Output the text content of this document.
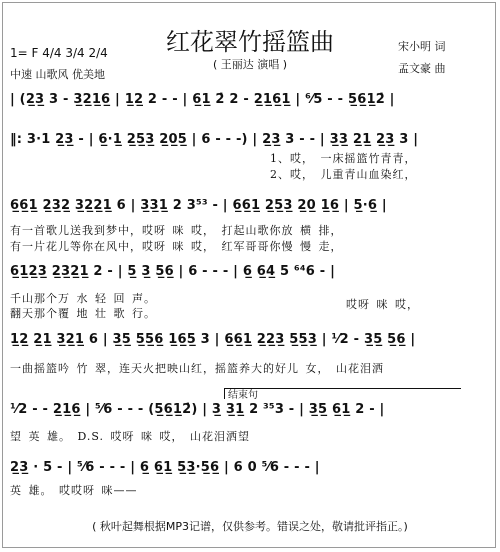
红花翠竹摇篮曲
( 王丽达 演唱 )
1= F 4/4 3/4 2/4
中速 山歌风 优美地
宋小明 词
孟文豪 曲
| (2̲3̲ 3 - 3̲2̲1̲6̲ | 1̲2̲ 2 - - | 6̲1̲ 2̇ 2 - 2̲1̲6̲1̲ | ⁶⁄5 - - 5̲6̲1̲2̇ |
‖: 3·1 2̲3̲ - | 6̲·1̲ 2̲5̲3̲ 2̲0̲5̲ | 6 - - -) | 2̲3̲ 3 - - | 3̲3̲ 2̲1̲ 2̲3̲ 3 |
1、哎， 一床摇篮竹青青，
2、哎， 儿重青山血染红，
6̲6̲1̲ 2̲3̲2̲ 3̲2̲2̲1̲ 6 | 3̲3̲1̲ 2 3⁵³ - | 6̲6̲1̲ 2̲5̲3̲ 2̲0̲ 1̲6̲ | 5̲·6̲ |
有一首歌儿送我到梦中，哎呀 咪 哎， 打起山歌你放 横 排，
有一片花儿等你在风中，哎呀 咪 哎， 红军哥哥你慢 慢 走，
6̲1̲2̲3̲ 2̲3̲2̲1̲ 2 - | 5̲ 3̲ 5̲6̲ | 6 - - - | 6̲ 6̲4̲ 5 ⁶⁴6 - |
千山那个万 水 轻 回 声。
翻天那个覆 地 壮 歌 行。
哎呀 咪 哎，
1̲2̲ 2̲1̲ 3̲2̲1̲ 6 | 3̲5̲ 5̲5̲6̲ 1̲6̲5̲ 3 | 6̲6̲1̲ 2̲2̲3̲ 5̲5̲3̲ | ¹⁄2 - 3̲5̲ 5̲6̲ |
一曲摇篮吟 竹 翠，连天火把映山红，摇篮养大的好儿 女， 山花泪洒
结束句
¹⁄2 - - 2̲1̲6̲ | ⁵⁄6 - - - (5̲6̲1̲2̇) | 3̲ 3̲1̲ 2 ³⁵3 - | 3̲5̲ 6̲1̲ 2 - |
望 英 雄。 D.S. 哎呀 咪 哎， 山花泪洒望
2̲3̲ · 5 - | ⁵⁄6 - - - | 6̲ 6̲1̲ 5̲3̲·5̲6̲ | 6 0 ⁵⁄6 - - - |
英 雄。 哎哎呀 咪——
( 秋叶起舞根据MP3记谱，仅供参考。错误之处，敬请批评指正。)
